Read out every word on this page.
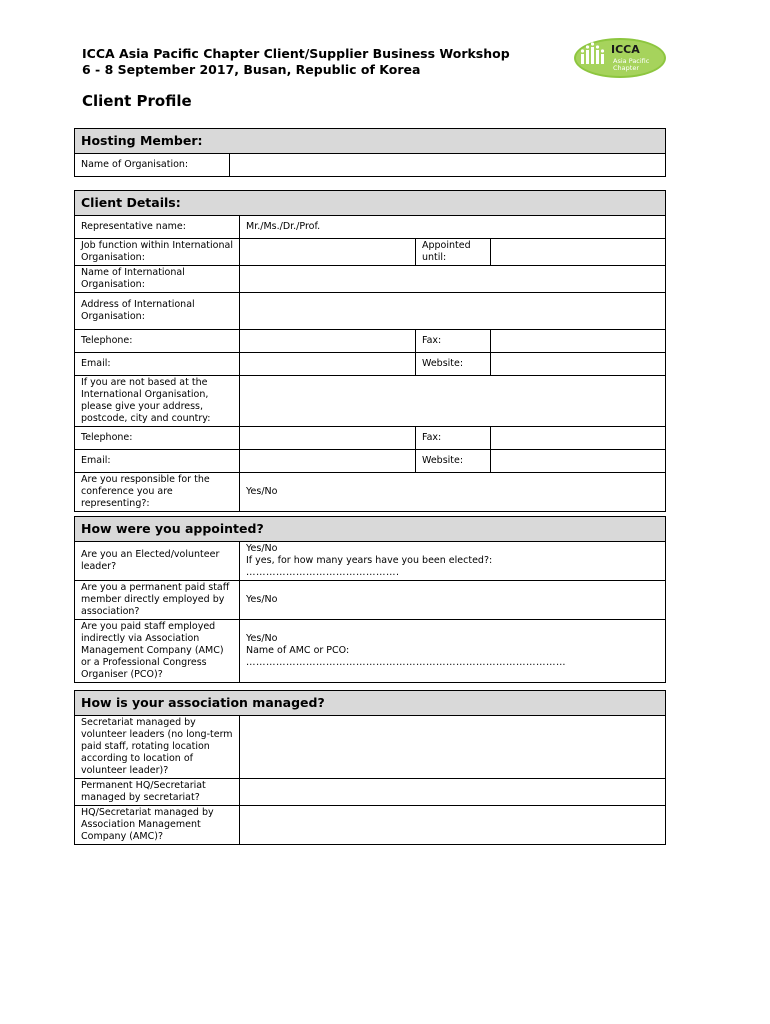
ICCA Asia Pacific Chapter Client/Supplier Business Workshop
6 - 8 September 2017, Busan, Republic of Korea
ICCA
Asia Pacific
Chapter
Client Profile
Hosting Member:
Name of Organisation:	
Client Details:			
Representative name:	Mr./Ms./Dr./Prof.		
Job function within International Organisation:		Appointed until:	
Name of International Organisation:			
Address of International Organisation:			
Telephone:		Fax:	
Email:		Website:	
If you are not based at the International Organisation, please give your address, postcode, city and country:			
Telephone:		Fax:	
Email:		Website:	
Are you responsible for the conference you are representing?:	Yes/No		
How were you appointed?	
Are you an Elected/volunteer leader?	Yes/No
If yes, for how many years have you been elected?:
……………………………………….

Are you a permanent paid staff member directly employed by association?	Yes/No
Are you paid staff employed indirectly via Association Management Company (AMC) or a Professional Congress Organiser (PCO)?	Yes/No
Name of AMC or PCO:
……………………………………………………………………………………
How is your association managed?	
Secretariat managed by volunteer leaders (no long-term paid staff, rotating location according to location of volunteer leader)?	
Permanent HQ/Secretariat managed by secretariat?	
HQ/Secretariat managed by Association Management Company (AMC)?	
